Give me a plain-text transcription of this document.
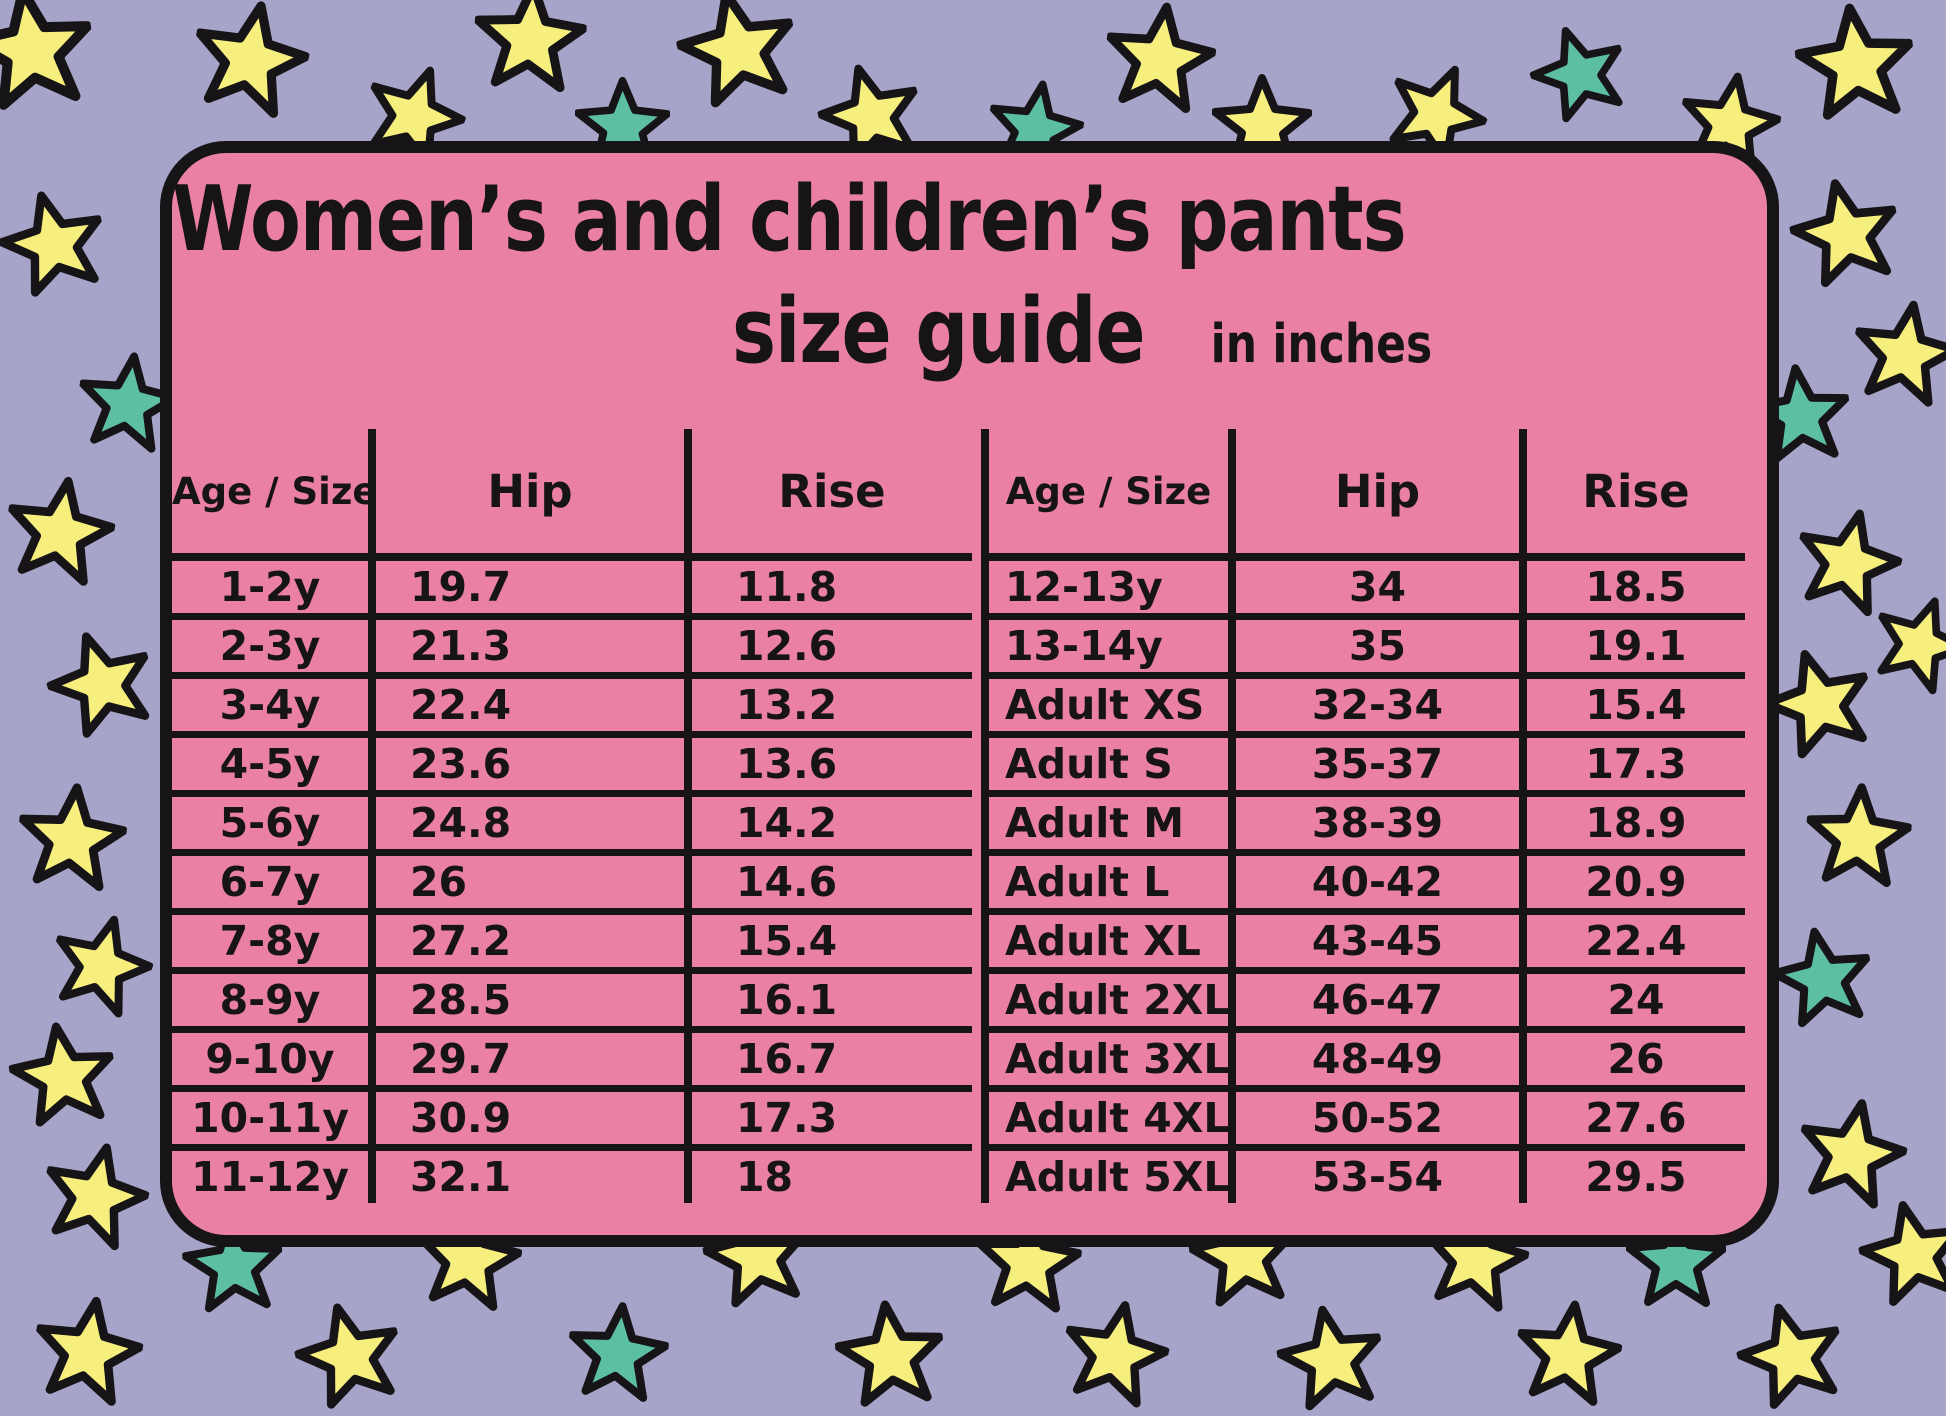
Women’s and children’s pants
size guide in inches
Age / Size	Hip	Rise
1-2y	19.7	11.8
2-3y	21.3	12.6
3-4y	22.4	13.2
4-5y	23.6	13.6
5-6y	24.8	14.2
6-7y	26	14.6
7-8y	27.2	15.4
8-9y	28.5	16.1
9-10y	29.7	16.7
10-11y	30.9	17.3
11-12y	32.1	18
Age / Size	Hip	Rise
12-13y	34	18.5
13-14y	35	19.1
Adult XS	32-34	15.4
Adult S	35-37	17.3
Adult M	38-39	18.9
Adult L	40-42	20.9
Adult XL	43-45	22.4
Adult 2XL	46-47	24
Adult 3XL	48-49	26
Adult 4XL	50-52	27.6
Adult 5XL	53-54	29.5
